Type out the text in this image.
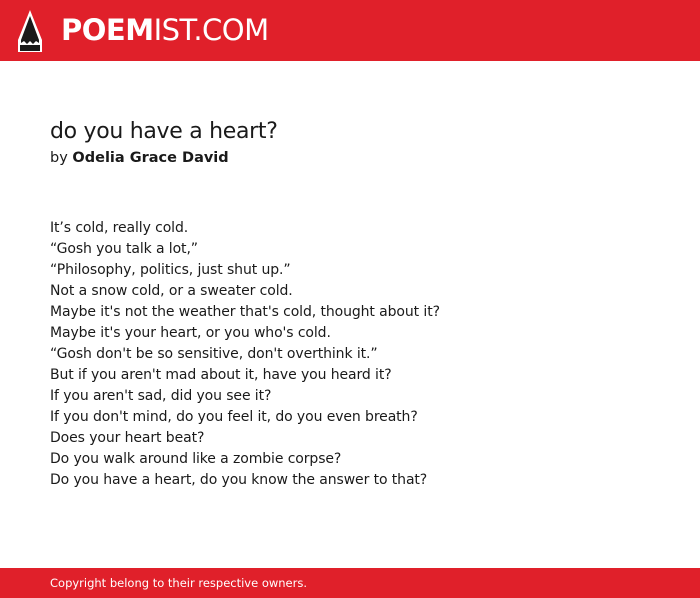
POEMIST.COM
do you have a heart?
by Odelia Grace David
It’s cold, really cold.
“Gosh you talk a lot,”
“Philosophy, politics, just shut up.”
Not a snow cold, or a sweater cold.
Maybe it's not the weather that's cold, thought about it?
Maybe it's your heart, or you who's cold.
“Gosh don't be so sensitive, don't overthink it.”
But if you aren't mad about it, have you heard it?
If you aren't sad, did you see it?
If you don't mind, do you feel it, do you even breath?
Does your heart beat?
Do you walk around like a zombie corpse?
Do you have a heart, do you know the answer to that?
Copyright belong to their respective owners.
